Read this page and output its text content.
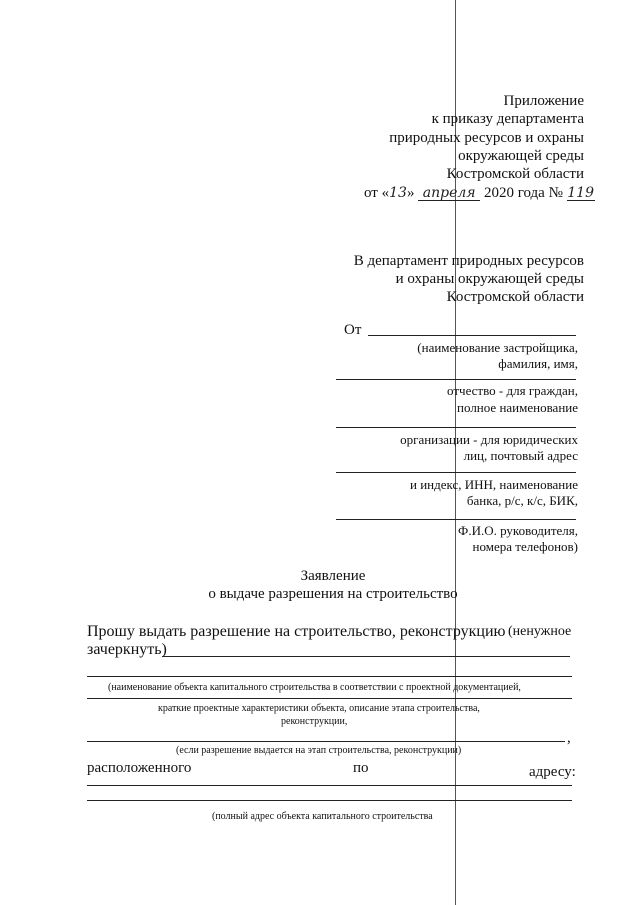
Приложение
к приказу департамента
природных ресурсов и охраны
окружающей среды
Костромской области
от «13» апреля 2020 года № 119
В департамент природных ресурсов
и охраны окружающей среды
Костромской области
От
(наименование застройщика,
фамилия, имя,
отчество - для граждан,
полное наименование
организации - для юридических
лиц, почтовый адрес
и индекс, ИНН, наименование
банка, р/с, к/с, БИК,
Ф.И.О. руководителя,
номера телефонов)
Заявление
о выдаче разрешения на строительство
Прошу выдать разрешение на строительство, реконструкцию (ненужное
зачеркнуть)
(наименование объекта капитального строительства в соответствии с проектной документацией,
краткие проектные характеристики объекта, описание этапа строительства,
реконструкции,
,
(если разрешение выдается на этап строительства, реконструкции)
расположенного	по	адресу:
(полный адрес объекта капитального строительства
